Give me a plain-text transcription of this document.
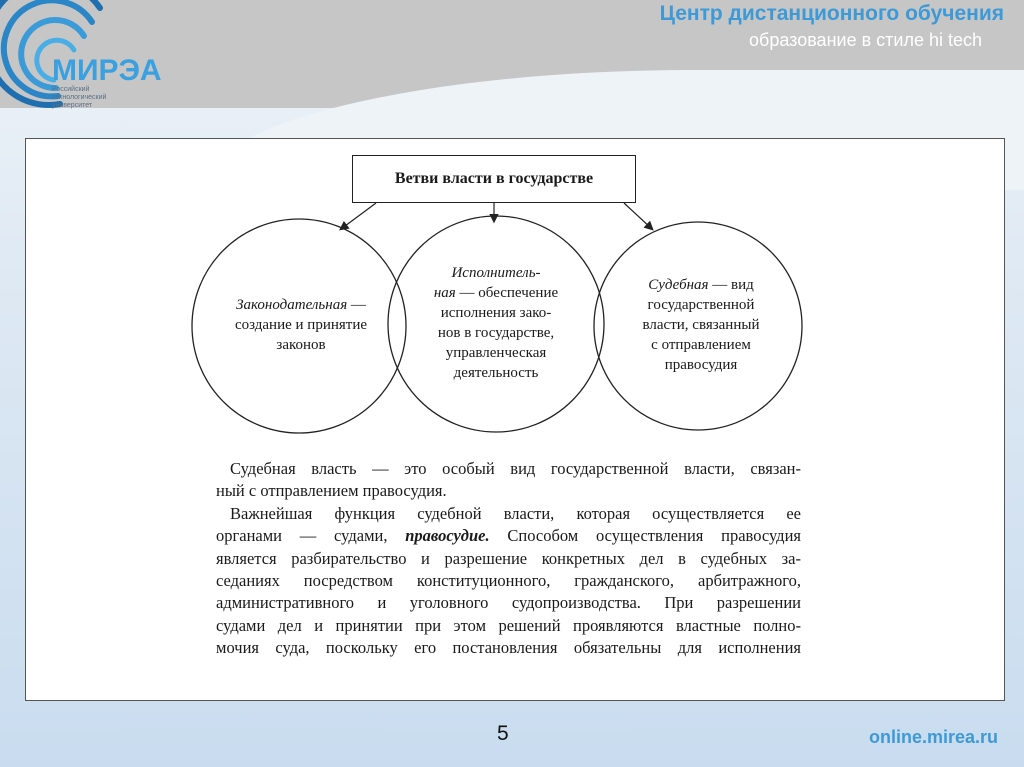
МИРЭА
Российский технологический университет
Центр дистанционного обучения
образование в стиле hi tech
Ветви власти в государстве
Законодательная —
создание и принятие
законов
Исполнитель-
ная — обеспечение
исполнения зако-
нов в государстве,
управленческая
деятельность
Судебная — вид
государственной
власти, связанный
с отправлением
правосудия
Судебная власть — это особый вид государственной власти, связан-
ный с отправлением правосудия.
Важнейшая функция судебной власти, которая осуществляется ее
органами — судами, правосудие. Способом осуществления правосудия
является разбирательство и разрешение конкретных дел в судебных за-
седаниях посредством конституционного, гражданского, арбитражного,
административного и уголовного судопроизводства. При разрешении
судами дел и принятии при этом решений проявляются властные полно-
мочия суда, поскольку его постановления обязательны для исполнения
5	online.mirea.ru
